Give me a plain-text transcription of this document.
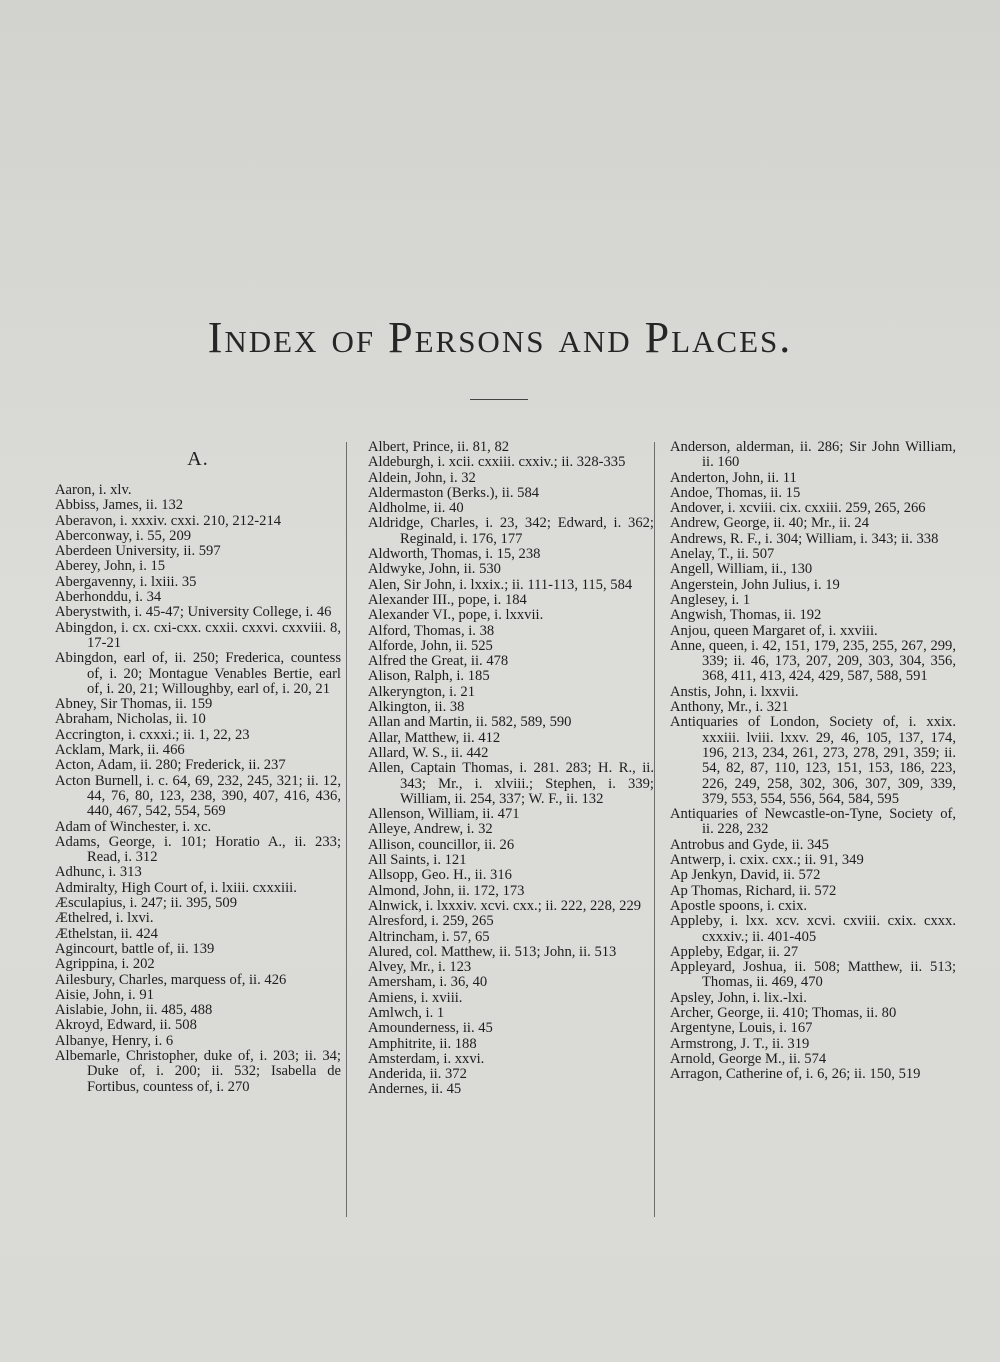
Index of Persons and Places.
A.

Aaron, i. xlv.

Abbiss, James, ii. 132

Aberavon, i. xxxiv. cxxi. 210, 212-214

Aberconway, i. 55, 209

Aberdeen University, ii. 597

Aberey, John, i. 15

Abergavenny, i. lxiii. 35

Aberhonddu, i. 34

Aberystwith, i. 45-47; University College, i. 46

Abingdon, i. cx. cxi-cxx. cxxii. cxxvi. cxxviii. 8, 17-21

Abingdon, earl of, ii. 250; Frederica, countess of, i. 20; Montague Venables Bertie, earl of, i. 20, 21; Willoughby, earl of, i. 20, 21

Abney, Sir Thomas, ii. 159

Abraham, Nicholas, ii. 10

Accrington, i. cxxxi.; ii. 1, 22, 23

Acklam, Mark, ii. 466

Acton, Adam, ii. 280; Frederick, ii. 237

Acton Burnell, i. c. 64, 69, 232, 245, 321; ii. 12, 44, 76, 80, 123, 238, 390, 407, 416, 436, 440, 467, 542, 554, 569

Adam of Winchester, i. xc.

Adams, George, i. 101; Horatio A., ii. 233; Read, i. 312

Adhunc, i. 313

Admiralty, High Court of, i. lxiii. cxxxiii.

Æsculapius, i. 247; ii. 395, 509

Æthelred, i. lxvi.

Æthelstan, ii. 424

Agincourt, battle of, ii. 139

Agrippina, i. 202

Ailesbury, Charles, marquess of, ii. 426

Aisie, John, i. 91

Aislabie, John, ii. 485, 488

Akroyd, Edward, ii. 508

Albanye, Henry, i. 6

Albemarle, Christopher, duke of, i. 203; ii. 34; Duke of, i. 200; ii. 532; Isabella de Fortibus, countess of, i. 270

Albert, Prince, ii. 81, 82

Aldeburgh, i. xcii. cxxiii. cxxiv.; ii. 328-335

Aldein, John, i. 32

Aldermaston (Berks.), ii. 584

Aldholme, ii. 40

Aldridge, Charles, i. 23, 342; Edward, i. 362; Reginald, i. 176, 177

Aldworth, Thomas, i. 15, 238

Aldwyke, John, ii. 530

Alen, Sir John, i. lxxix.; ii. 111-113, 115, 584

Alexander III., pope, i. 184

Alexander VI., pope, i. lxxvii.

Alford, Thomas, i. 38

Alforde, John, ii. 525

Alfred the Great, ii. 478

Alison, Ralph, i. 185

Alkeryngton, i. 21

Alkington, ii. 38

Allan and Martin, ii. 582, 589, 590

Allar, Matthew, ii. 412

Allard, W. S., ii. 442

Allen, Captain Thomas, i. 281. 283; H. R., ii. 343; Mr., i. xlviii.; Stephen, i. 339; William, ii. 254, 337; W. F., ii. 132

Allenson, William, ii. 471

Alleye, Andrew, i. 32

Allison, councillor, ii. 26

All Saints, i. 121

Allsopp, Geo. H., ii. 316

Almond, John, ii. 172, 173

Alnwick, i. lxxxiv. xcvi. cxx.; ii. 222, 228, 229

Alresford, i. 259, 265

Altrincham, i. 57, 65

Alured, col. Matthew, ii. 513; John, ii. 513

Alvey, Mr., i. 123

Amersham, i. 36, 40

Amiens, i. xviii.

Amlwch, i. 1

Amounderness, ii. 45

Amphitrite, ii. 188

Amsterdam, i. xxvi.

Anderida, ii. 372

Andernes, ii. 45

Anderson, alderman, ii. 286; Sir John William, ii. 160

Anderton, John, ii. 11

Andoe, Thomas, ii. 15

Andover, i. xcviii. cix. cxxiii. 259, 265, 266

Andrew, George, ii. 40; Mr., ii. 24

Andrews, R. F., i. 304; William, i. 343; ii. 338

Anelay, T., ii. 507

Angell, William, ii., 130

Angerstein, John Julius, i. 19

Anglesey, i. 1

Angwish, Thomas, ii. 192

Anjou, queen Margaret of, i. xxviii.

Anne, queen, i. 42, 151, 179, 235, 255, 267, 299, 339; ii. 46, 173, 207, 209, 303, 304, 356, 368, 411, 413, 424, 429, 587, 588, 591

Anstis, John, i. lxxvii.

Anthony, Mr., i. 321

Antiquaries of London, Society of, i. xxix. xxxiii. lviii. lxxv. 29, 46, 105, 137, 174, 196, 213, 234, 261, 273, 278, 291, 359; ii. 54, 82, 87, 110, 123, 151, 153, 186, 223, 226, 249, 258, 302, 306, 307, 309, 339, 379, 553, 554, 556, 564, 584, 595

Antiquaries of Newcastle-on-Tyne, Society of, ii. 228, 232

Antrobus and Gyde, ii. 345

Antwerp, i. cxix. cxx.; ii. 91, 349

Ap Jenkyn, David, ii. 572

Ap Thomas, Richard, ii. 572

Apostle spoons, i. cxix.

Appleby, i. lxx. xcv. xcvi. cxviii. cxix. cxxx. cxxxiv.; ii. 401-405

Appleby, Edgar, ii. 27

Appleyard, Joshua, ii. 508; Matthew, ii. 513; Thomas, ii. 469, 470

Apsley, John, i. lix.-lxi.

Archer, George, ii. 410; Thomas, ii. 80

Argentyne, Louis, i. 167

Armstrong, J. T., ii. 319

Arnold, George M., ii. 574

Arragon, Catherine of, i. 6, 26; ii. 150, 519
